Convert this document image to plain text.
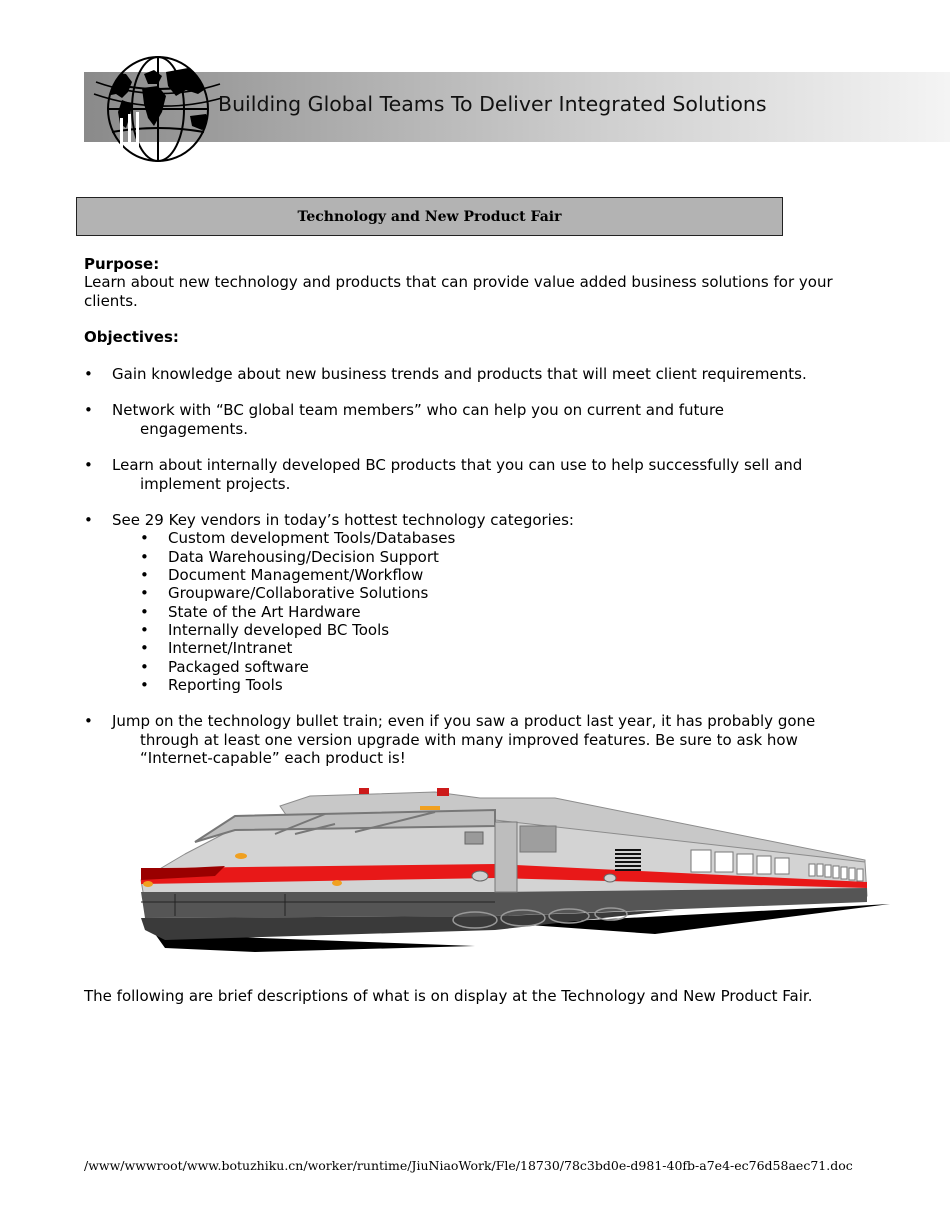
Building Global Teams To Deliver Integrated Solutions
Technology and New Product Fair
Purpose:

Learn about new technology and products that can provide value added business solutions for your clients.

Objectives:
• Gain knowledge about new business trends and products that will meet client requirements.
• Network with “BC global team members” who can help you on current and future
engagements.
• Learn about internally developed BC products that you can use to help successfully sell and
implement projects.
• See 29 Key vendors in today’s hottest technology categories:
• Custom development Tools/Databases
• Data Warehousing/Decision Support
• Document Management/Workflow
• Groupware/Collaborative Solutions
• State of the Art Hardware
• Internally developed BC Tools
• Internet/Intranet
• Packaged software
• Reporting Tools
• Jump on the technology bullet train; even if you saw a product last year, it has probably gone
through at least one version upgrade with many improved features. Be sure to ask how
“Internet-capable” each product is!
The following are brief descriptions of what is on display at the Technology and New Product Fair.
/www/wwwroot/www.botuzhiku.cn/worker/runtime/JiuNiaoWork/Fle/18730/78c3bd0e-d981-40fb-a7e4-ec76d58aec71.doc
